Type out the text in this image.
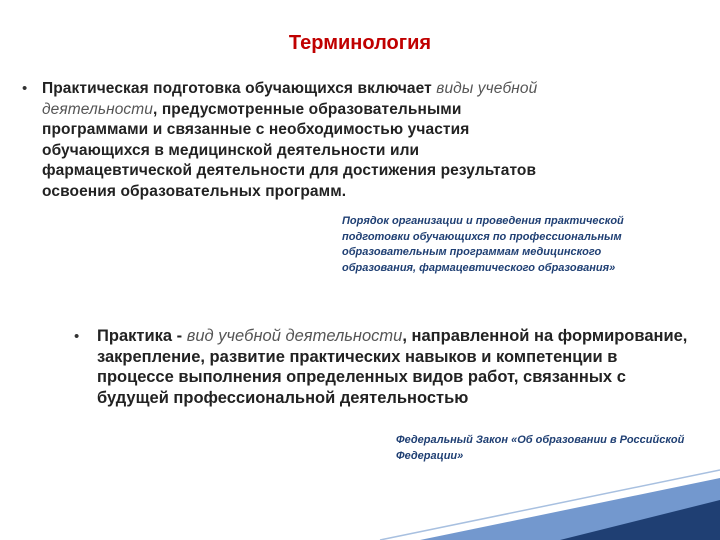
Терминология
• Практическая подготовка обучающихся включает виды учебной деятельности, предусмотренные образовательными программами и связанные с необходимостью участия обучающихся в медицинской деятельности или фармацевтической деятельности для достижения результатов освоения образовательных программ.
Порядок организации и проведения практической подготовки обучающихся по профессиональным образовательным программам медицинского образования, фармацевтического образования»
• Практика - вид учебной деятельности, направленной на формирование, закрепление, развитие практических навыков и компетенции в процессе выполнения определенных видов работ, связанных с будущей профессиональной деятельностью
Федеральный Закон «Об образовании в Российской Федерации»
